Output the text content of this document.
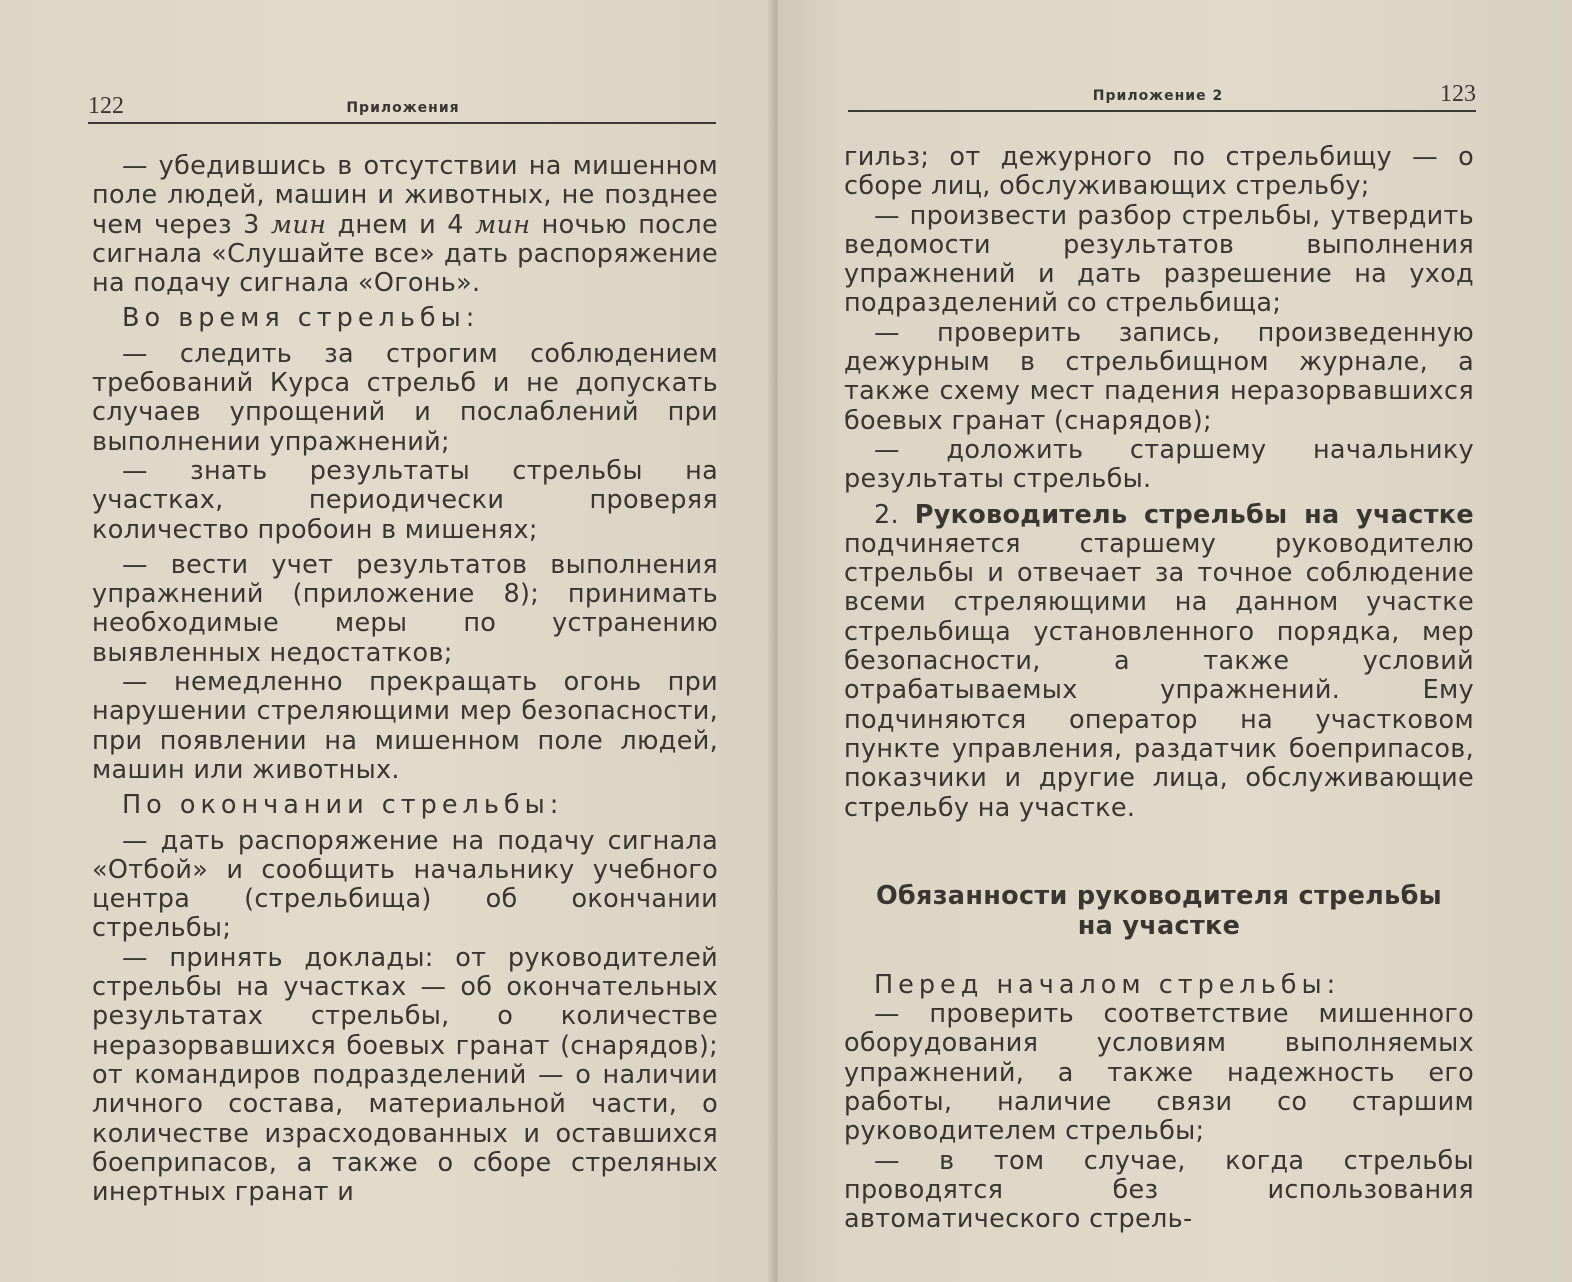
122	Приложения

— убедившись в отсутствии на мишенном поле людей, машин и животных, не позднее чем через 3 мин днем и 4 мин ночью после сигнала «Слушайте все» дать распоряжение на подачу сигнала «Огонь».

Во время стрельбы:

— следить за строгим соблюдением требований Курса стрельб и не допускать случаев упрощений и послаблений при выполнении упражнений;

— знать результаты стрельбы на участках, периодически проверяя количество пробоин в мишенях;

— вести учет результатов выполнения упражнений (приложение 8); принимать необходимые меры по устранению выявленных недостатков;

— немедленно прекращать огонь при нарушении стреляющими мер безопасности, при появлении на мишенном поле людей, машин или животных.

По окончании стрельбы:

— дать распоряжение на подачу сигнала «Отбой» и сообщить начальнику учебного центра (стрельбища) об окончании стрельбы;

— принять доклады: от руководителей стрельбы на участках — об окончательных результатах стрельбы, о количестве неразорвавшихся боевых гранат (снарядов); от командиров подразделений — о наличии личного состава, материальной части, о количестве израсходованных и оставшихся боеприпасов, а также о сборе стреляных инертных гранат и

Приложение 2	123

гильз; от дежурного по стрельбищу — о сборе лиц, обслуживающих стрельбу;

— произвести разбор стрельбы, утвердить ведомости результатов выполнения упражнений и дать разрешение на уход подразделений со стрельбища;

— проверить запись, произведенную дежурным в стрельбищном журнале, а также схему мест падения неразорвавшихся боевых гранат (снарядов);

— доложить старшему начальнику результаты стрельбы.

2. Руководитель стрельбы на участке подчиняется старшему руководителю стрельбы и отвечает за точное соблюдение всеми стреляющими на данном участке стрельбища установленного порядка, мер безопасности, а также условий отрабатываемых упражнений. Ему подчиняются оператор на участковом пункте управления, раздатчик боеприпасов, показчики и другие лица, обслуживающие стрельбу на участке.

Обязанности руководителя стрельбы
на участке

Перед началом стрельбы:

— проверить соответствие мишенного оборудования условиям выполняемых упражнений, а также надежность его работы, наличие связи со старшим руководителем стрельбы;

— в том случае, когда стрельбы проводятся без использования автоматического стрель-
